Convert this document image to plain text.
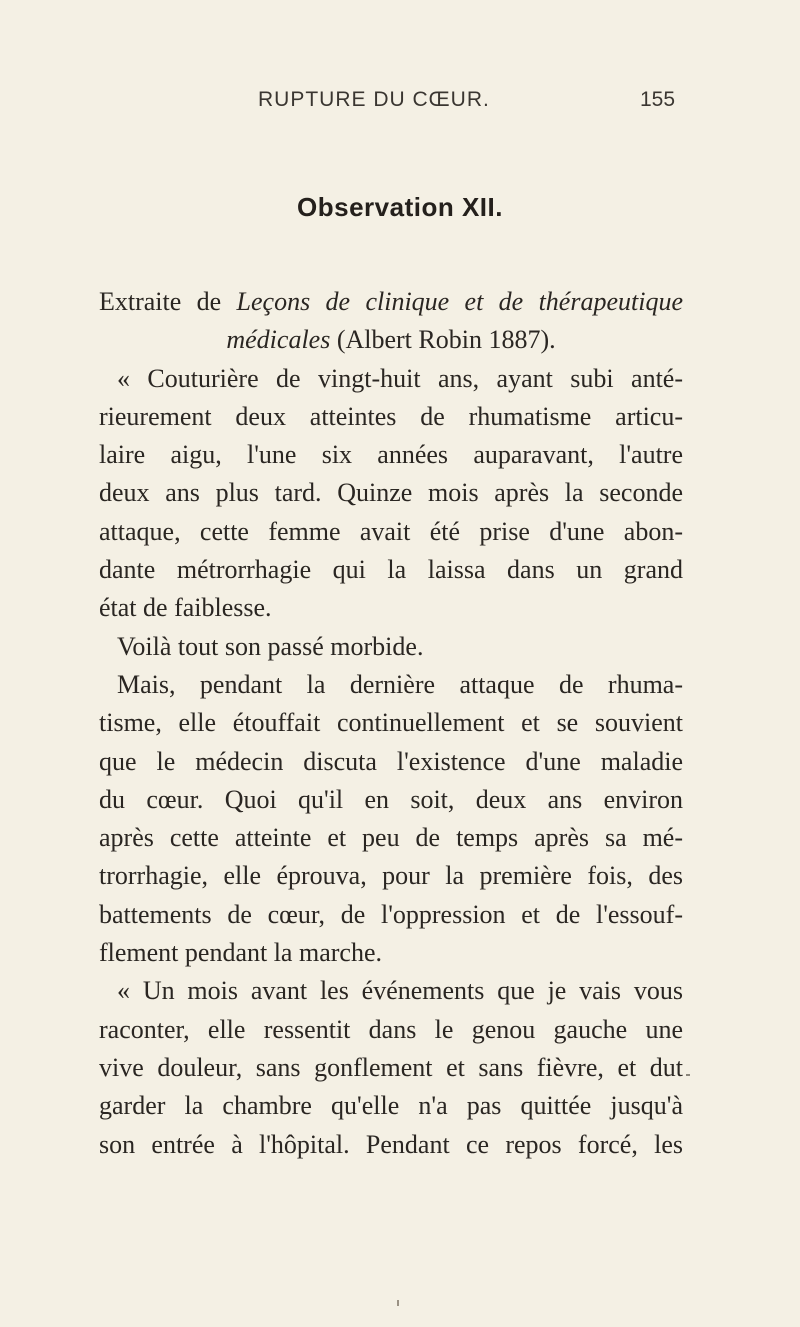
RUPTURE DU CŒUR.	155
Observation XII.
Extraite de Leçons de clinique et de thérapeutique
médicales (Albert Robin 1887).
« Couturière de vingt-huit ans, ayant subi anté-
rieurement deux atteintes de rhumatisme articu-
laire aigu, l'une six années auparavant, l'autre
deux ans plus tard. Quinze mois après la seconde
attaque, cette femme avait été prise d'une abon-
dante métrorrhagie qui la laissa dans un grand
état de faiblesse.
Voilà tout son passé morbide.
Mais, pendant la dernière attaque de rhuma-
tisme, elle étouffait continuellement et se souvient
que le médecin discuta l'existence d'une maladie
du cœur. Quoi qu'il en soit, deux ans environ
après cette atteinte et peu de temps après sa mé-
trorrhagie, elle éprouva, pour la première fois, des
battements de cœur, de l'oppression et de l'essouf-
flement pendant la marche.
« Un mois avant les événements que je vais vous
raconter, elle ressentit dans le genou gauche une
vive douleur, sans gonflement et sans fièvre, et dut
garder la chambre qu'elle n'a pas quittée jusqu'à
son entrée à l'hôpital. Pendant ce repos forcé, les
